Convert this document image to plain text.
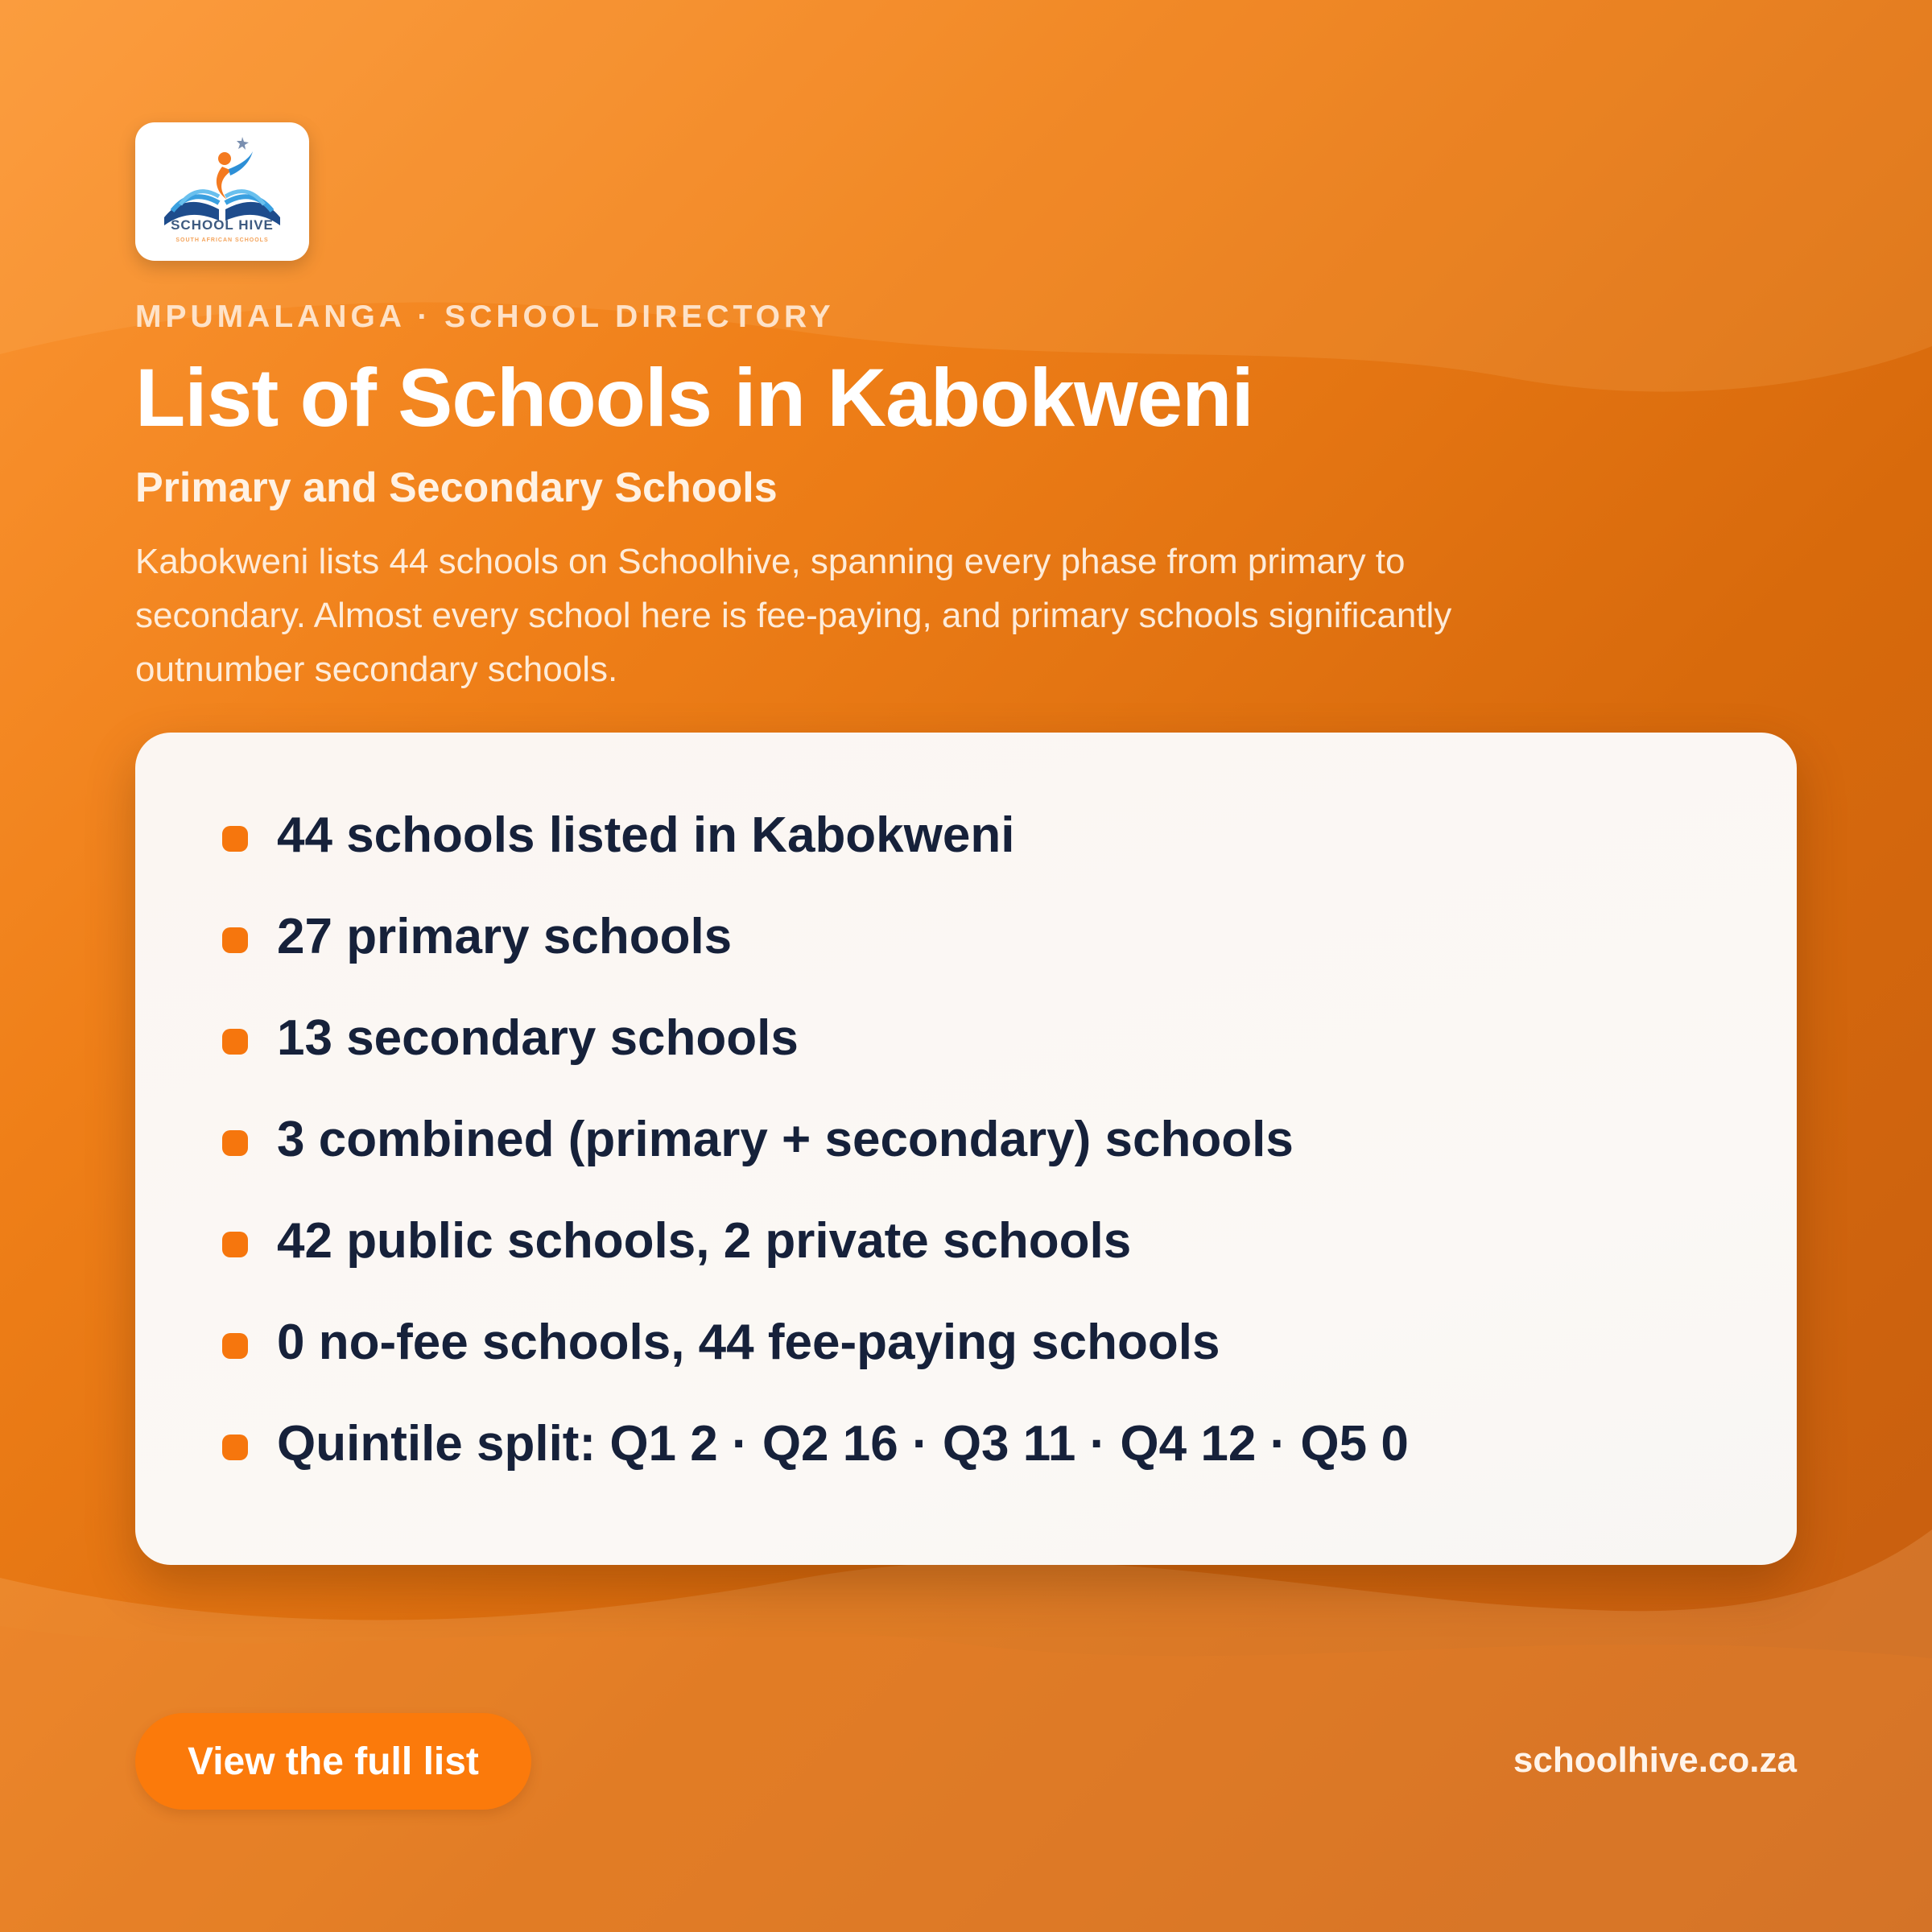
SCHOOL HIVE
SOUTH AFRICAN SCHOOLS
MPUMALANGA · SCHOOL DIRECTORY
List of Schools in Kabokweni
Primary and Secondary Schools

Kabokweni lists 44 schools on Schoolhive, spanning every phase from primary to secondary. Almost every school here is fee-paying, and primary schools significantly outnumber secondary schools.

44 schools listed in Kabokweni
27 primary schools
13 secondary schools
3 combined (primary + secondary) schools
42 public schools, 2 private schools
0 no-fee schools, 44 fee-paying schools
Quintile split: Q1 2 · Q2 16 · Q3 11 · Q4 12 · Q5 0
View the full list	schoolhive.co.za
